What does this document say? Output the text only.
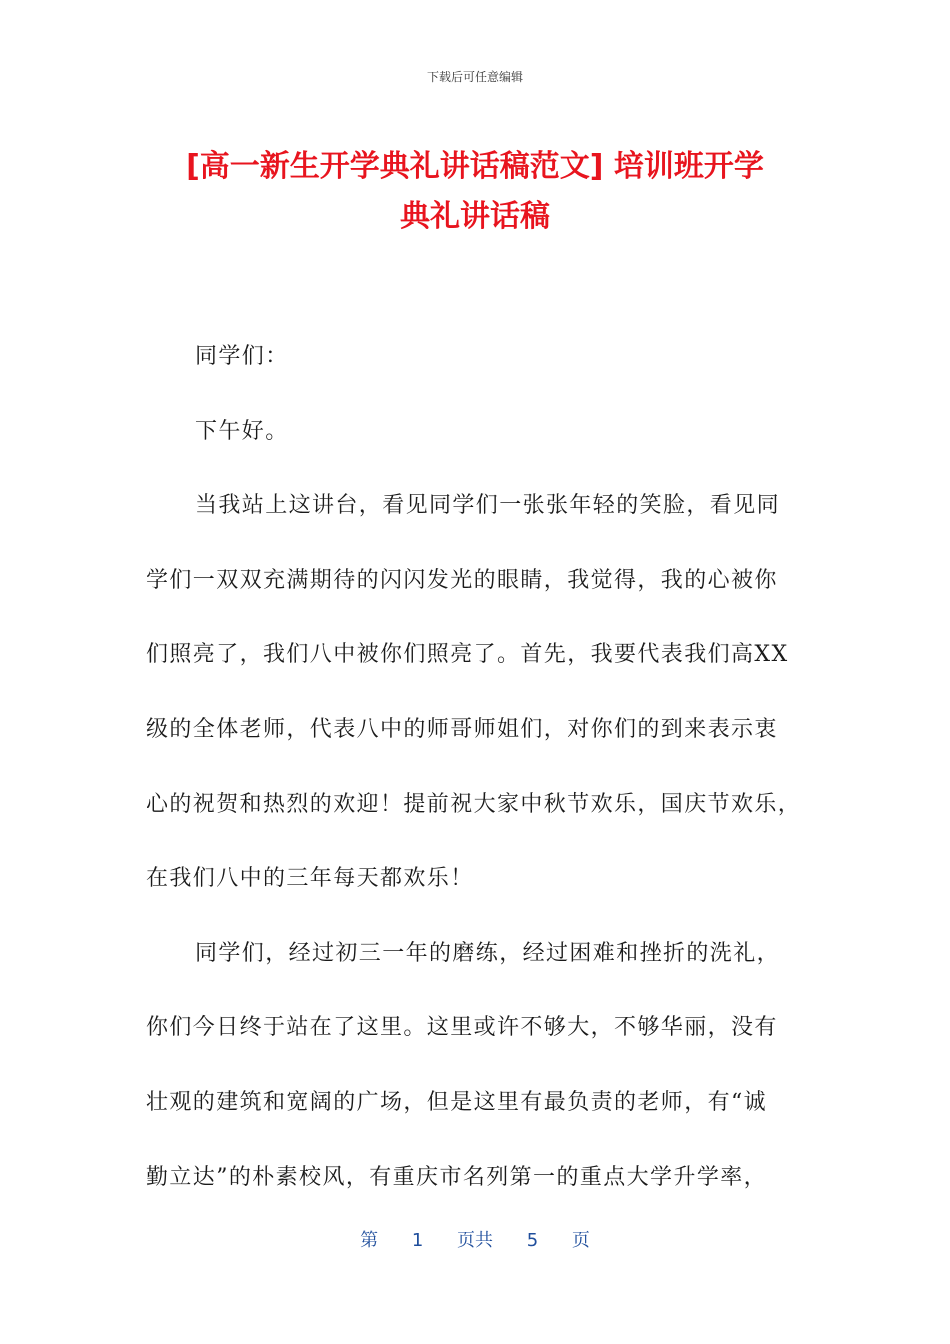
下载后可任意编辑
[高一新生开学典礼讲话稿范文] 培训班开学
典礼讲话稿

同学们：

下午好。

当我站上这讲台，看见同学们一张张年轻的笑脸，看见同
学们一双双充满期待的闪闪发光的眼睛，我觉得，我的心被你
们照亮了，我们八中被你们照亮了。首先，我要代表我们高XX
级的全体老师，代表八中的师哥师姐们，对你们的到来表示衷
心的祝贺和热烈的欢迎！提前祝大家中秋节欢乐，国庆节欢乐，
在我们八中的三年每天都欢乐！

同学们，经过初三一年的磨练，经过困难和挫折的洗礼，
你们今日终于站在了这里。这里或许不够大，不够华丽，没有
壮观的建筑和宽阔的广场，但是这里有最负责的老师，有“诚
勤立达”的朴素校风，有重庆市名列第一的重点大学升学率，

第 1 页共 5 页
